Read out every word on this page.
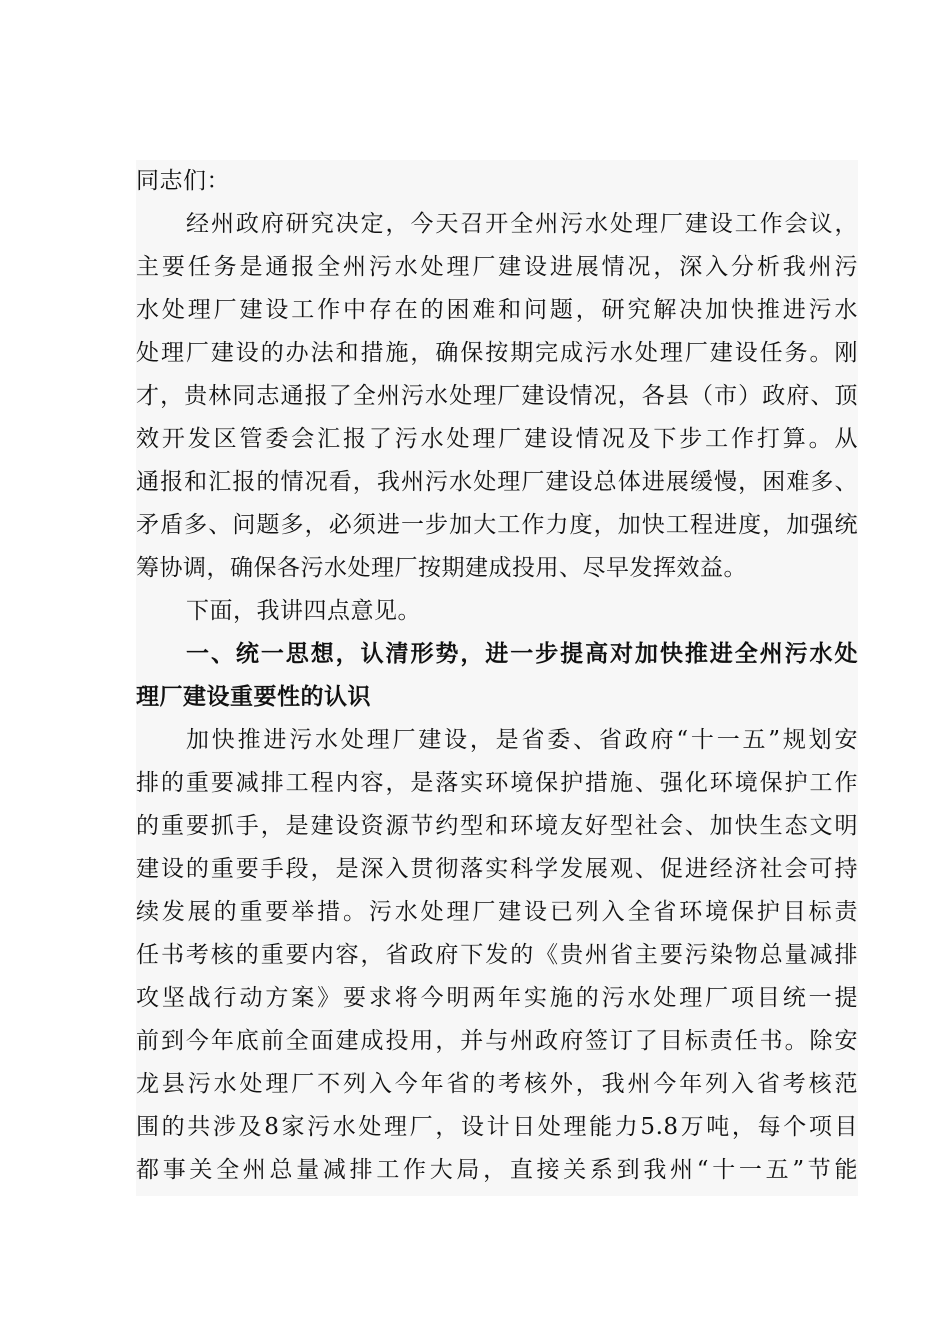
同志们：
经州政府研究决定，今天召开全州污水处理厂建设工作会议，
主要任务是通报全州污水处理厂建设进展情况，深入分析我州污
水处理厂建设工作中存在的困难和问题，研究解决加快推进污水
处理厂建设的办法和措施，确保按期完成污水处理厂建设任务。刚
才，贵林同志通报了全州污水处理厂建设情况，各县（市）政府、顶
效开发区管委会汇报了污水处理厂建设情况及下步工作打算。从
通报和汇报的情况看，我州污水处理厂建设总体进展缓慢，困难多、
矛盾多、问题多，必须进一步加大工作力度，加快工程进度，加强统
筹协调，确保各污水处理厂按期建成投用、尽早发挥效益。
下面，我讲四点意见。
一、统一思想，认清形势，进一步提高对加快推进全州污水处
理厂建设重要性的认识
加快推进污水处理厂建设，是省委、省政府“十一五”规划安
排的重要减排工程内容，是落实环境保护措施、强化环境保护工作
的重要抓手，是建设资源节约型和环境友好型社会、加快生态文明
建设的重要手段，是深入贯彻落实科学发展观、促进经济社会可持
续发展的重要举措。污水处理厂建设已列入全省环境保护目标责
任书考核的重要内容，省政府下发的《贵州省主要污染物总量减排
攻坚战行动方案》要求将今明两年实施的污水处理厂项目统一提
前到今年底前全面建成投用，并与州政府签订了目标责任书。除安
龙县污水处理厂不列入今年省的考核外，我州今年列入省考核范
围的共涉及8家污水处理厂，设计日处理能力5.8万吨，每个项目
都事关全州总量减排工作大局，直接关系到我州“十一五”节能
